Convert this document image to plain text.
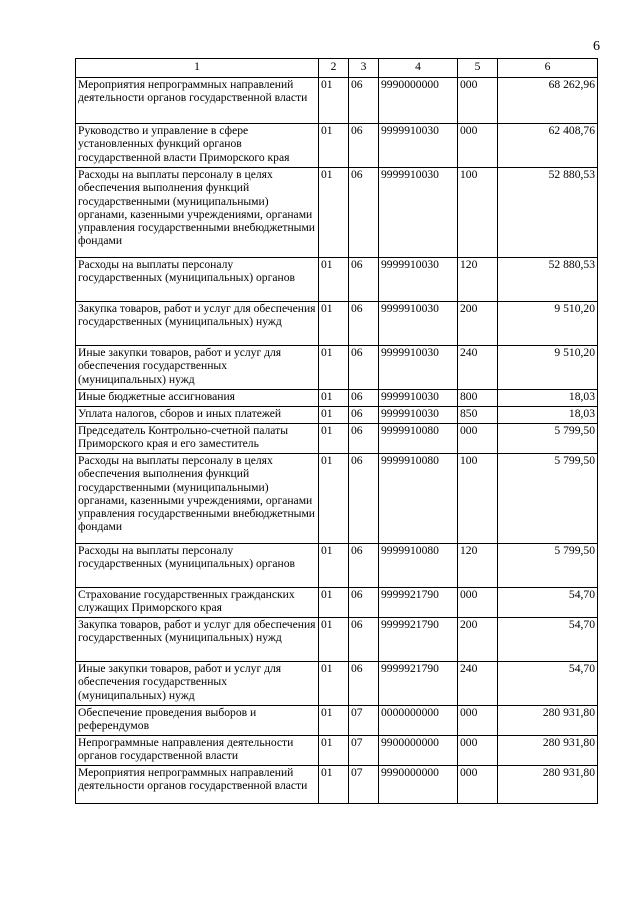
6
1	2	3	4	5	6
Мероприятия непрограммных направлений деятельности органов государственной власти	01	06	9990000000	000	68 262,96
Руководство и управление в сфере установленных функций органов государственной власти Приморского края	01	06	9999910030	000	62 408,76
Расходы на выплаты персоналу в целях обеспечения выполнения функций государственными (муниципальными) органами, казенными учреждениями, органами управления государственными внебюджетными фондами	01	06	9999910030	100	52 880,53
Расходы на выплаты персоналу государственных (муниципальных) органов	01	06	9999910030	120	52 880,53
Закупка товаров, работ и услуг для обеспечения государственных (муниципальных) нужд	01	06	9999910030	200	9 510,20
Иные закупки товаров, работ и услуг для обеспечения государственных (муниципальных) нужд	01	06	9999910030	240	9 510,20
Иные бюджетные ассигнования	01	06	9999910030	800	18,03
Уплата налогов, сборов и иных платежей	01	06	9999910030	850	18,03
Председатель Контрольно-счетной палаты Приморского края и его заместитель	01	06	9999910080	000	5 799,50
Расходы на выплаты персоналу в целях обеспечения выполнения функций государственными (муниципальными) органами, казенными учреждениями, органами управления государственными внебюджетными фондами	01	06	9999910080	100	5 799,50
Расходы на выплаты персоналу государственных (муниципальных) органов	01	06	9999910080	120	5 799,50
Страхование государственных гражданских служащих Приморского края	01	06	9999921790	000	54,70
Закупка товаров, работ и услуг для обеспечения государственных (муниципальных) нужд	01	06	9999921790	200	54,70
Иные закупки товаров, работ и услуг для обеспечения государственных (муниципальных) нужд	01	06	9999921790	240	54,70
Обеспечение проведения выборов и референдумов	01	07	0000000000	000	280 931,80
Непрограммные направления деятельности органов государственной власти	01	07	9900000000	000	280 931,80
Мероприятия непрограммных направлений деятельности органов государственной власти	01	07	9990000000	000	280 931,80
